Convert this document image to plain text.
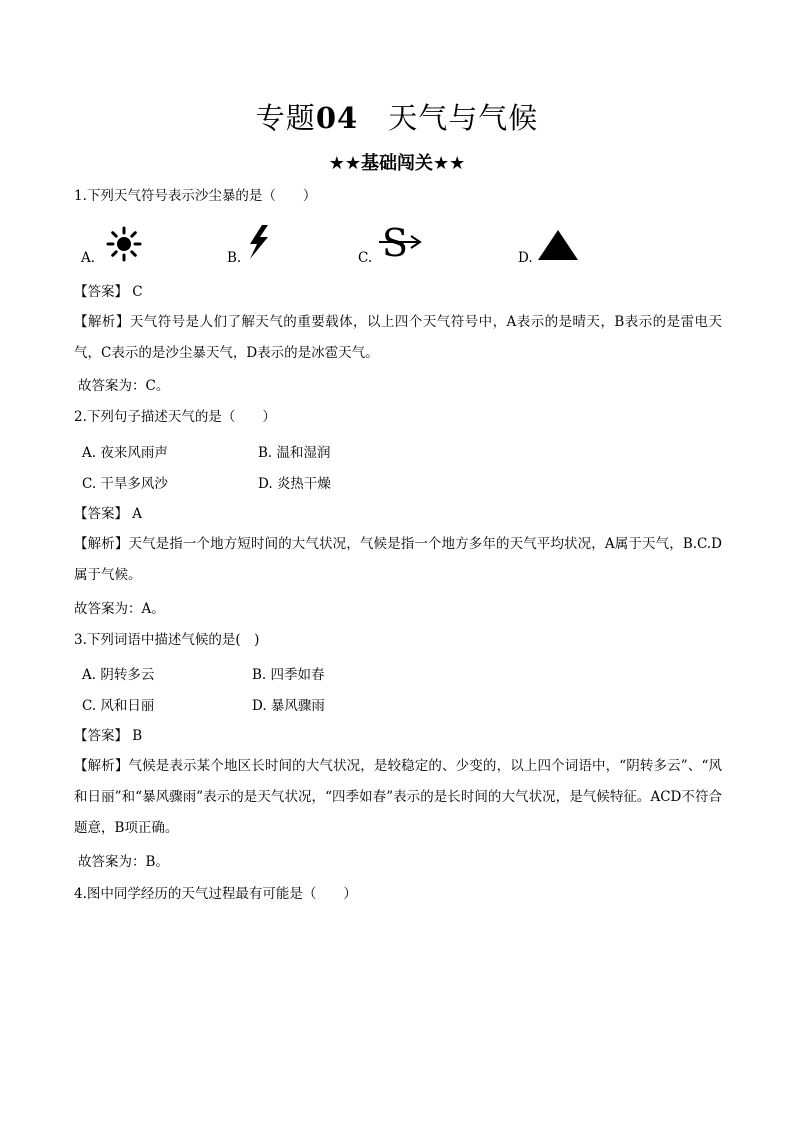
专题04　 天气与气候
★★基础闯关★★
1.下列天气符号表示沙尘暴的是（　　）
A.	B.	C. S	D.
【答案】 C
【解析】天气符号是人们了解天气的重要载体，以上四个天气符号中，A表示的是晴天，B表示的是雷电天气，C表示的是沙尘暴天气，D表示的是冰雹天气。
故答案为：C。
2.下列句子描述天气的是（　　）
A. 夜来风雨声	B. 温和湿润
C. 干旱多风沙	D. 炎热干燥
【答案】 A
【解析】天气是指一个地方短时间的大气状况，气候是指一个地方多年的天气平均状况，A属于天气，B.C.D属于气候。
故答案为：A。
3.下列词语中描述气候的是(　)
A. 阴转多云	B. 四季如春
C. 风和日丽	D. 暴风骤雨
【答案】 B
【解析】气候是表示某个地区长时间的大气状况，是较稳定的、少变的，以上四个词语中，“阴转多云”、“风和日丽”和“暴风骤雨”表示的是天气状况，“四季如春”表示的是长时间的大气状况，是气候特征。ACD不符合题意，B项正确。
故答案为：B。
4.图中同学经历的天气过程最有可能是（　　）
